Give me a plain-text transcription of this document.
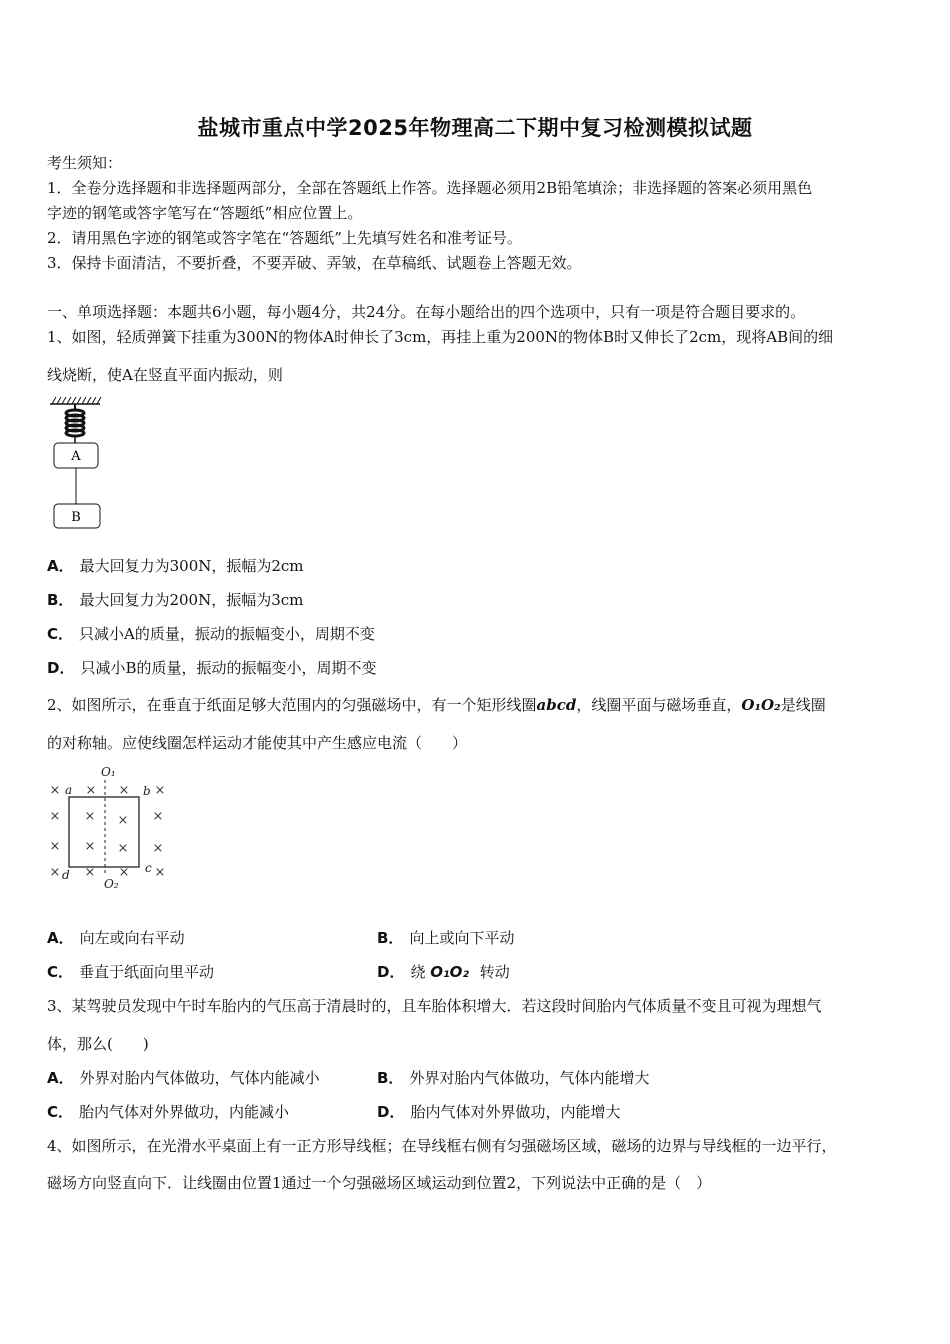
盐城市重点中学2025年物理高二下期中复习检测模拟试题
考生须知：
1．全卷分选择题和非选择题两部分，全部在答题纸上作答。选择题必须用2B铅笔填涂；非选择题的答案必须用黑色
字迹的钢笔或答字笔写在“答题纸”相应位置上。
2．请用黑色字迹的钢笔或答字笔在“答题纸”上先填写姓名和准考证号。
3．保持卡面清洁，不要折叠，不要弄破、弄皱，在草稿纸、试题卷上答题无效。
一、单项选择题：本题共6小题，每小题4分，共24分。在每小题给出的四个选项中，只有一项是符合题目要求的。
1、如图，轻质弹簧下挂重为300N的物体A时伸长了3cm，再挂上重为200N的物体B时又伸长了2cm，现将AB间的细
线烧断，使A在竖直平面内振动，则
A
B
A． 最大回复力为300N，振幅为2cm
B． 最大回复力为200N，振幅为3cm
C． 只减小A的质量，振动的振幅变小，周期不变
D． 只减小B的质量，振动的振幅变小，周期不变
2、如图所示，在垂直于纸面足够大范围内的匀强磁场中，有一个矩形线圈abcd，线圈平面与磁场垂直，O₁O₂是线圈
的对称轴。应使线圈怎样运动才能使其中产生感应电流（　　）
× × × ×
× × × ×
× × × ×
× × × ×
O₁
O₂
a	b
c
d
A． 向左或向右平动	B． 向上或向下平动
C． 垂直于纸面向里平动	D． 绕 O₁O₂ 转动
3、某驾驶员发现中午时车胎内的气压高于清晨时的，且车胎体积增大．若这段时间胎内气体质量不变且可视为理想气
体，那么(　　)
A． 外界对胎内气体做功，气体内能减小	B． 外界对胎内气体做功，气体内能增大
C． 胎内气体对外界做功，内能减小	D． 胎内气体对外界做功，内能增大
4、如图所示，在光滑水平桌面上有一正方形导线框；在导线框右侧有匀强磁场区域，磁场的边界与导线框的一边平行，
磁场方向竖直向下．让线圈由位置1通过一个匀强磁场区域运动到位置2，下列说法中正确的是（　）
